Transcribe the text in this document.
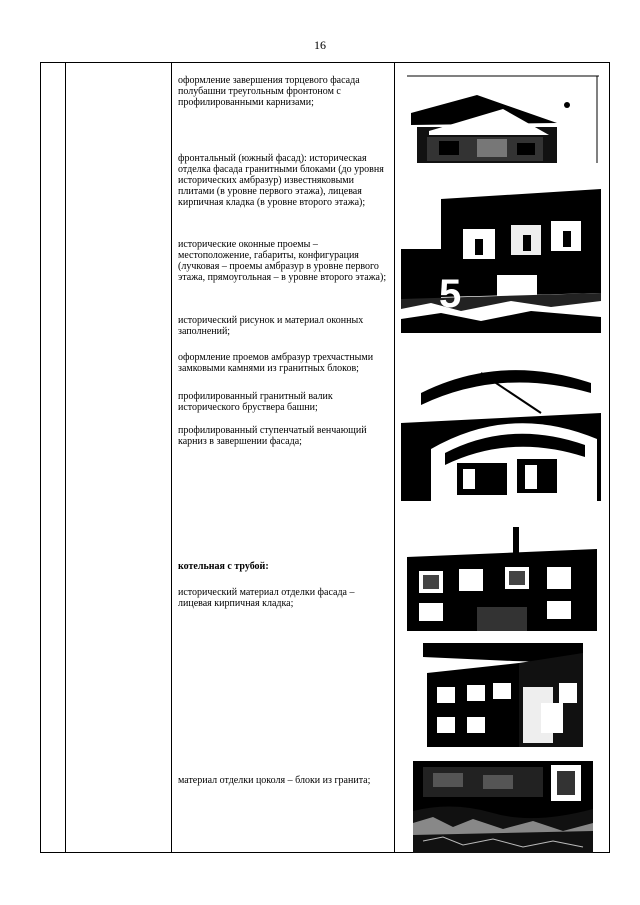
16
оформление завершения торцевого фасада полубашни треугольным фронтоном с профилированными карнизами;
фронтальный (южный фасад): историческая отделка фасада гранитными блоками (до уровня исторических амбразур) известняковыми плитами (в уровне первого этажа), лицевая кирпичная кладка (в уровне второго этажа);
исторические оконные проемы – местоположение, габариты, конфигурация (лучковая – проемы амбразур в уровне первого этажа, прямоугольная – в уровне второго этажа);
исторический рисунок и материал оконных заполнений;
оформление проемов амбразур трехчастными замковыми камнями из гранитных блоков;
профилированный гранитный валик исторического бруствера башни;
профилированный ступенчатый венчающий карниз в завершении фасада;
котельная с трубой:
исторический материал отделки фасада – лицевая кирпичная кладка;
материал отделки цоколя – блоки из гранита;
5
